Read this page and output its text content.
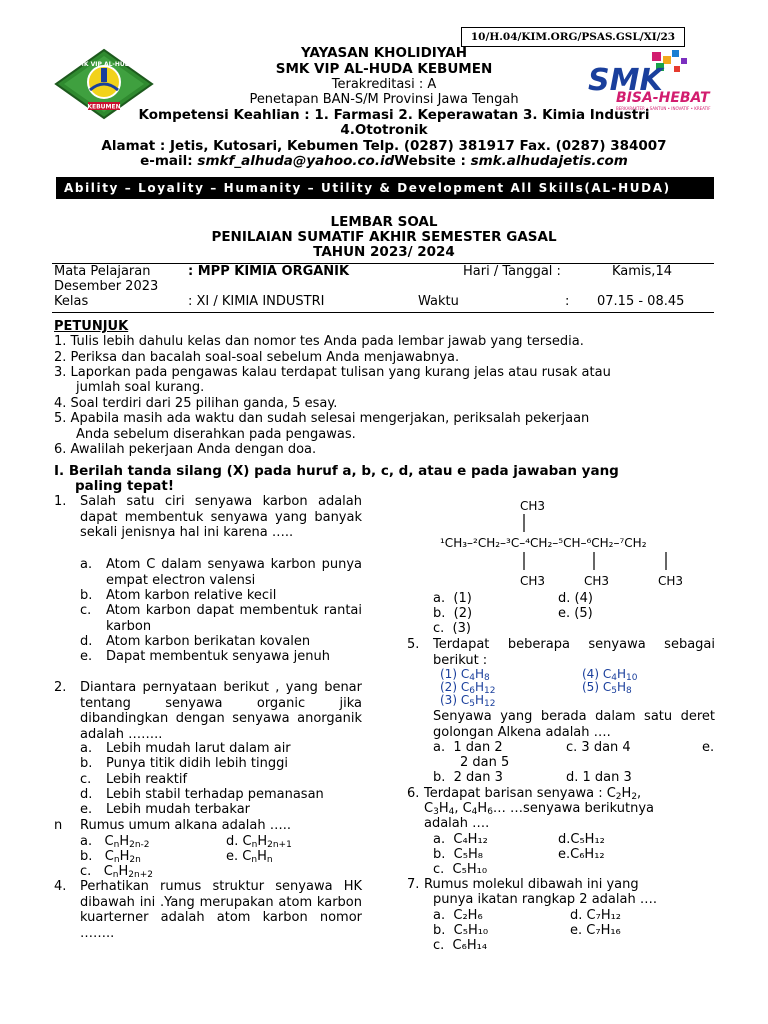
10/H.04/KIM.ORG/PSAS.GSL/XI/23
SMK VIP AL-HUDA
KEBUMEN
SMK
BISA-HEBAT
BERKARAKTER • SANTUN • INOVATIF • KREATIF
YAYASAN KHOLIDIYAH
SMK VIP AL-HUDA KEBUMEN
Terakreditasi : A
Penetapan BAN-S/M Provinsi Jawa Tengah
Kompetensi Keahlian : 1. Farmasi 2. Keperawatan 3. Kimia Industri
4.Ototronik
Alamat : Jetis, Kutosari, Kebumen Telp. (0287) 381917 Fax. (0287) 384007
e-mail: smkf_alhuda@yahoo.co.idWebsite : smk.alhudajetis.com
Ability – Loyality – Humanity – Utility & Development All Skills(AL-HUDA)
LEMBAR SOAL
PENILAIAN SUMATIF AKHIR SEMESTER GASAL
TAHUN 2023/ 2024
Mata Pelajaran	: MPP KIMIA ORGANIK	Hari / Tanggal :	Kamis,14
Desember 2023
Kelas	: XI / KIMIA INDUSTRI	Waktu	: 07.15 - 08.45
PETUNJUK
1. Tulis lebih dahulu kelas dan nomor tes Anda pada lembar jawab yang tersedia.
2. Periksa dan bacalah soal-soal sebelum Anda menjawabnya.
3. Laporkan pada pengawas kalau terdapat tulisan yang kurang jelas atau rusak atau
jumlah soal kurang.
4. Soal terdiri dari 25 pilihan ganda, 5 esay.
5. Apabila masih ada waktu dan sudah selesai mengerjakan, periksalah pekerjaan
Anda sebelum diserahkan pada pengawas.
6. Awalilah pekerjaan Anda dengan doa.
I. Berilah tanda silang (X) pada huruf a, b, c, d, atau e pada jawaban yang
paling tepat!
1. Salah satu ciri senyawa karbon adalah dapat membentuk senyawa yang banyak sekali jenisnya hal ini karena …..
a. Atom C dalam senyawa karbon punya empat electron valensi
b. Atom karbon relative kecil
c. Atom karbon dapat membentuk rantai karbon
d. Atom karbon berikatan kovalen
e. Dapat membentuk senyawa jenuh
2. Diantara pernyataan berikut , yang benar tentang senyawa organic jika dibandingkan dengan senyawa anorganik adalah ……..
a. Lebih mudah larut dalam air
b. Punya titik didih lebih tinggi
c. Lebih reaktif
d. Lebih stabil terhadap pemanasan
e. Lebih mudah terbakar
n Rumus umum alkana adalah …..
a. $C_nH_{2n-2}$	d. $C_nH_{2n+1}$
b. $C_nH_{2n}$	e. $C_nH_n$
c. $C_nH_{2n+2}$
4. Perhatikan rumus struktur senyawa HK dibawah ini .Yang merupakan atom karbon kuarterner adalah atom karbon nomor ……..
CH3
¹CH₃–²CH₂–³C–⁴CH₂–⁵CH–⁶CH₂–⁷CH₂
CH3	CH3	CH3
a. (1)	d. (4)
b. (2)	e. (5)
c. (3)
5. Terdapat beberapa senyawa sebagai berikut :
(1) $C_4H_8$	(4) $C_4H_{10}$
(2) $C_6H_{12}$	(5) $C_5H_8$
(3) $C_5H_{12}$
Senyawa yang berada dalam satu deret golongan Alkena adalah ….
a. 1 dan 2	c. 3 dan 4	e.
2 dan 5
b. 2 dan 3	d. 1 dan 3
6. Terdapat barisan senyawa : $C_2H_2$,
$C_3H_4$, $C_4H_6\dots$ …senyawa berikutnya
adalah ….
a. C₄H₁₂	d.C₅H₁₂
b. C₅H₈	e.C₆H₁₂
c. C₅H₁₀
7. Rumus molekul dibawah ini yang
punya ikatan rangkap 2 adalah ….
a. C₂H₆	d. C₇H₁₂
b. C₅H₁₀	e. C₇H₁₆
c. C₆H₁₄
